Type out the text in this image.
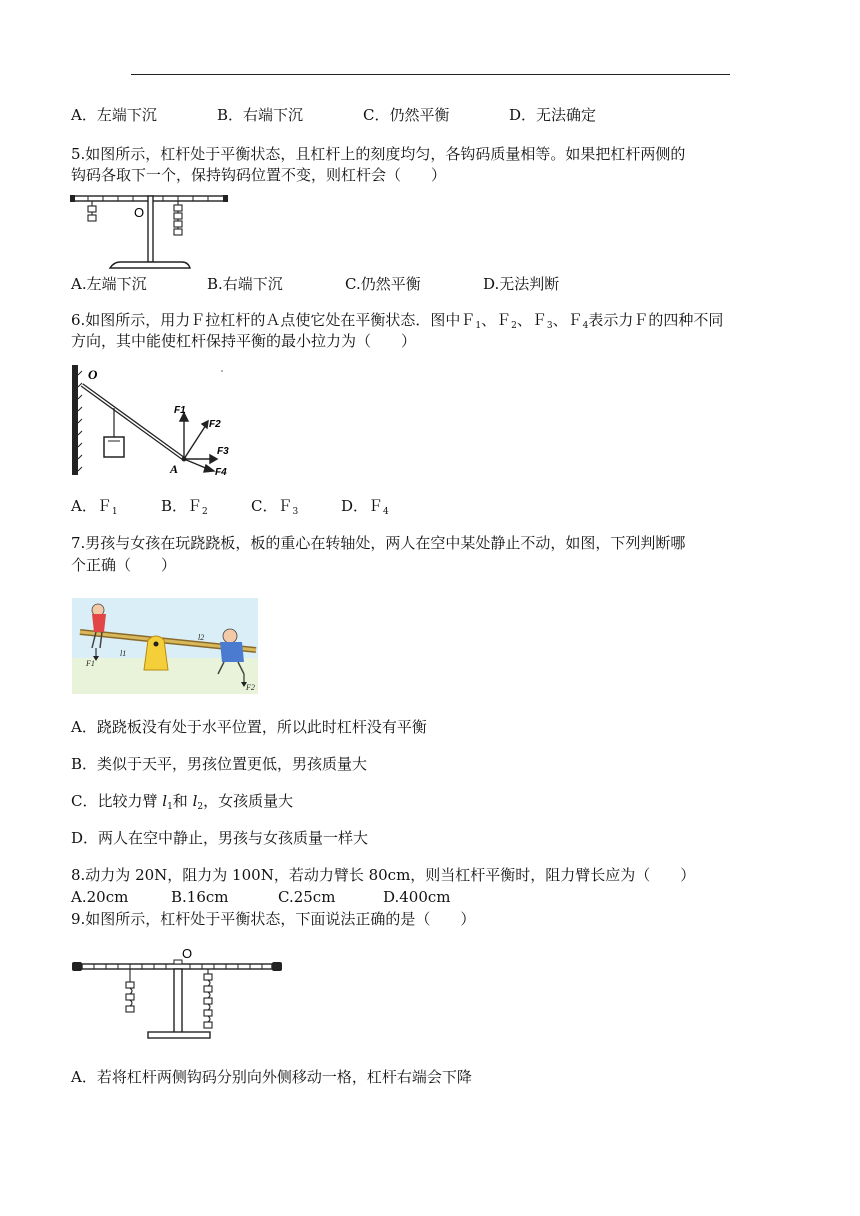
A．左端下沉	B．右端下沉	C．仍然平衡	D．无法确定
5.如图所示，杠杆处于平衡状态，且杠杆上的刻度均匀，各钩码质量相等。如果把杠杆两侧的
钩码各取下一个，保持钩码位置不变，则杠杆会（　　）
O
A.左端下沉	B.右端下沉	C.仍然平衡	D.无法判断
6.如图所示，用力Ｆ拉杠杆的Ａ点使它处在平衡状态．图中Ｆ$_1$、Ｆ$_2$、Ｆ$_3$、Ｆ$_4$表示力Ｆ的四种不同
方向，其中能使杠杆保持平衡的最小拉力为（　　）
O
A
F1
F2
F3
F4
A．Ｆ$_1$	B．Ｆ$_2$	C．Ｆ$_3$	D．Ｆ$_4$
7.男孩与女孩在玩跷跷板，板的重心在转轴处，两人在空中某处静止不动，如图，下列判断哪
个正确（　　）
F1
l1
l2
F2
A．跷跷板没有处于水平位置，所以此时杠杆没有平衡
B．类似于天平，男孩位置更低，男孩质量大
C．比较力臂 $l_1$和 $l_2$，女孩质量大
D．两人在空中静止，男孩与女孩质量一样大
8.动力为 20N，阻力为 100N，若动力臂长 80cm，则当杠杆平衡时，阻力臂长应为（　　）
A.20cm	B.16cm	C.25cm	D.400cm
9.如图所示，杠杆处于平衡状态，下面说法正确的是（　　）
O
A．若将杠杆两侧钩码分别向外侧移动一格，杠杆右端会下降
